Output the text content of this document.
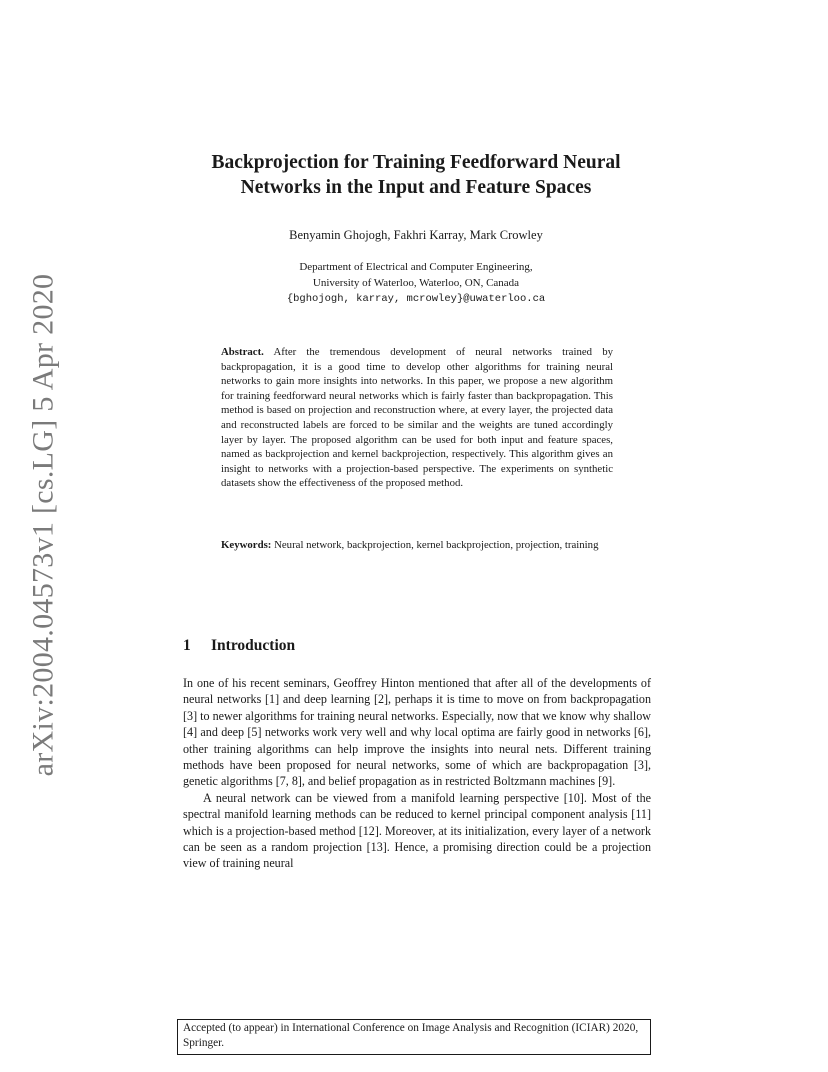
arXiv:2004.04573v1 [cs.LG] 5 Apr 2020
Backprojection for Training Feedforward Neural
Networks in the Input and Feature Spaces
Benyamin Ghojogh, Fakhri Karray, Mark Crowley
Department of Electrical and Computer Engineering,
University of Waterloo, Waterloo, ON, Canada
{bghojogh, karray, mcrowley}@uwaterloo.ca
Abstract. After the tremendous development of neural networks trained by backpropagation, it is a good time to develop other algorithms for training neural networks to gain more insights into networks. In this paper, we propose a new algorithm for training feedforward neural networks which is fairly faster than backpropagation. This method is based on projection and reconstruction where, at every layer, the projected data and reconstructed labels are forced to be similar and the weights are tuned accordingly layer by layer. The proposed algorithm can be used for both input and feature spaces, named as backprojection and kernel backprojection, respectively. This algorithm gives an insight to networks with a projection-based perspective. The experiments on synthetic datasets show the effectiveness of the proposed method.
Keywords: Neural network, backprojection, kernel backprojection, projection, training
1 Introduction

In one of his recent seminars, Geoffrey Hinton mentioned that after all of the developments of neural networks [1] and deep learning [2], perhaps it is time to move on from backpropagation [3] to newer algorithms for training neural networks. Especially, now that we know why shallow [4] and deep [5] networks work very well and why local optima are fairly good in networks [6], other training algorithms can help improve the insights into neural nets. Different training methods have been proposed for neural networks, some of which are backpropagation [3], genetic algorithms [7, 8], and belief propagation as in restricted Boltzmann machines [9].

A neural network can be viewed from a manifold learning perspective [10]. Most of the spectral manifold learning methods can be reduced to kernel principal component analysis [11] which is a projection-based method [12]. Moreover, at its initialization, every layer of a network can be seen as a random projection [13]. Hence, a promising direction could be a projection view of training neural

Accepted (to appear) in International Conference on Image Analysis and Recognition (ICIAR) 2020, Springer.
